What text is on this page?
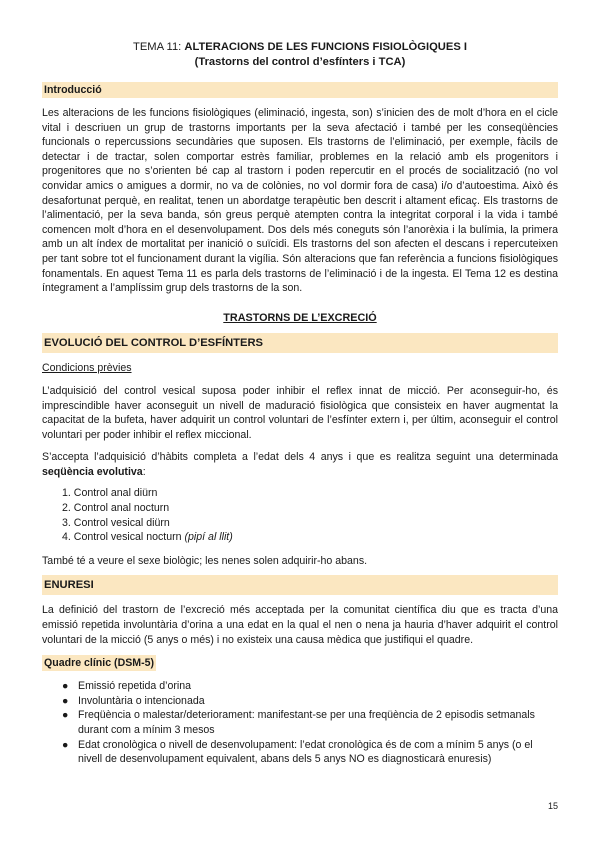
TEMA 11: ALTERACIONS DE LES FUNCIONS FISIOLÒGIQUES I
(Trastorns del control d’esfínters i TCA)
Introducció

Les alteracions de les funcions fisiològiques (eliminació, ingesta, son) s’inicien des de molt d’hora en el cicle vital i descriuen un grup de trastorns importants per la seva afectació i també per les conseqüències funcionals o repercussions secundàries que suposen. Els trastorns de l’eliminació, per exemple, fàcils de detectar i de tractar, solen comportar estrès familiar, problemes en la relació amb els progenitors i progenitores que no s’orienten bé cap al trastorn i poden repercutir en el procés de socialització (no vol convidar amics o amigues a dormir, no va de colònies, no vol dormir fora de casa) i/o d’autoestima. Això és desafortunat perquè, en realitat, tenen un abordatge terapèutic ben descrit i altament eficaç. Els trastorns de l’alimentació, per la seva banda, són greus perquè atempten contra la integritat corporal i la vida i també comencen molt d’hora en el desenvolupament. Dos dels més coneguts són l’anorèxia i la bulímia, la primera amb un alt índex de mortalitat per inanició o suïcidi. Els trastorns del son afecten el descans i repercuteixen per tant sobre tot el funcionament durant la vigília. Són alteracions que fan referència a funcions fisiològiques fonamentals. En aquest Tema 11 es parla dels trastorns de l’eliminació i de la ingesta. El Tema 12 es destina íntegrament a l’amplíssim grup dels trastorns de la son.

TRASTORNS DE L’EXCRECIÓ
EVOLUCIÓ DEL CONTROL D’ESFÍNTERS
Condicions prèvies

L’adquisició del control vesical suposa poder inhibir el reflex innat de micció. Per aconseguir-ho, és imprescindible haver aconseguit un nivell de maduració fisiològica que consisteix en haver augmentat la capacitat de la bufeta, haver adquirit un control voluntari de l’esfínter extern i, per últim, aconseguir el control voluntari per poder inhibir el reflex miccional.

S’accepta l’adquisició d’hàbits completa a l’edat dels 4 anys i que es realitza seguint una determinada seqüència evolutiva:

1. Control anal diürn
2. Control anal nocturn
3. Control vesical diürn
4. Control vesical nocturn (pipí al llit)

També té a veure el sexe biològic; les nenes solen adquirir-ho abans.

ENURESI

La definició del trastorn de l’excreció més acceptada per la comunitat científica diu que es tracta d’una emissió repetida involuntària d’orina a una edat en la qual el nen o nena ja hauria d’haver adquirit el control voluntari de la micció (5 anys o més) i no existeix una causa mèdica que justifiqui el quadre.

Quadre clínic (DSM-5)
● Emissió repetida d’orina
● Involuntària o intencionada
● Freqüència o malestar/deteriorament: manifestant-se per una freqüència de 2 episodis setmanals durant com a mínim 3 mesos
● Edat cronològica o nivell de desenvolupament: l’edat cronològica és de com a mínim 5 anys (o el nivell de desenvolupament equivalent, abans dels 5 anys NO es diagnosticarà enuresis)
15
